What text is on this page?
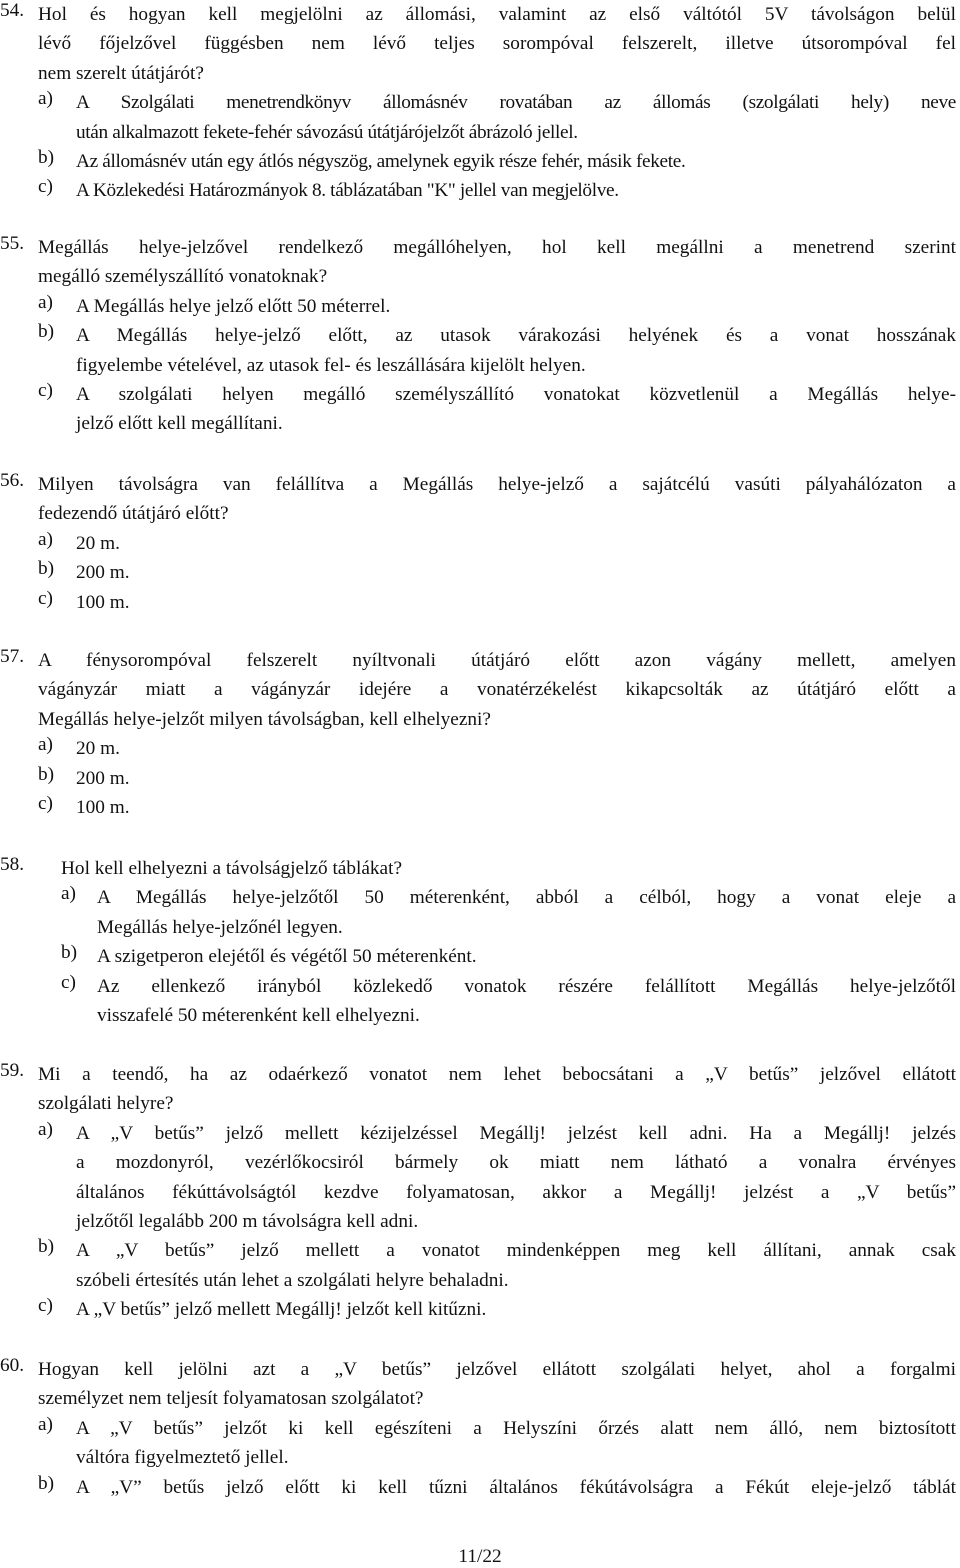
54. Hol és hogyan kell megjelölni az állomási, valamint az első váltótól 5V távolságon belül
lévő főjelzővel függésben nem lévő teljes sorompóval felszerelt, illetve útsorompóval fel
nem szerelt útátjárót?
a) A Szolgálati menetrendkönyv állomásnév rovatában az állomás (szolgálati hely) neve
után alkalmazott fekete-fehér sávozású útátjárójelzőt ábrázoló jellel.
b) Az állomásnév után egy átlós négyszög, amelynek egyik része fehér, másik fekete.
c) A Közlekedési Határozmányok 8. táblázatában "K" jellel van megjelölve.
55. Megállás helye-jelzővel rendelkező megállóhelyen, hol kell megállni a menetrend szerint
megálló személyszállító vonatoknak?
a) A Megállás helye jelző előtt 50 méterrel.
b) A Megállás helye-jelző előtt, az utasok várakozási helyének és a vonat hosszának
figyelembe vételével, az utasok fel- és leszállására kijelölt helyen.
c) A szolgálati helyen megálló személyszállító vonatokat közvetlenül a Megállás helye-
jelző előtt kell megállítani.
56. Milyen távolságra van felállítva a Megállás helye-jelző a sajátcélú vasúti pályahálózaton a
fedezendő útátjáró előtt?
a) 20 m.
b) 200 m.
c) 100 m.
57. A fénysorompóval felszerelt nyíltvonali útátjáró előtt azon vágány mellett, amelyen
vágányzár miatt a vágányzár idejére a vonatérzékelést kikapcsolták az útátjáró előtt a
Megállás helye-jelzőt milyen távolságban, kell elhelyezni?
a) 20 m.
b) 200 m.
c) 100 m.
58. Hol kell elhelyezni a távolságjelző táblákat?
a) A Megállás helye-jelzőtől 50 méterenként, abból a célból, hogy a vonat eleje a
Megállás helye-jelzőnél legyen.
b) A szigetperon elejétől és végétől 50 méterenként.
c) Az ellenkező irányból közlekedő vonatok részére felállított Megállás helye-jelzőtől
visszafelé 50 méterenként kell elhelyezni.
59. Mi a teendő, ha az odaérkező vonatot nem lehet bebocsátani a „V betűs” jelzővel ellátott
szolgálati helyre?
a) A „V betűs” jelző mellett kézijelzéssel Megállj! jelzést kell adni. Ha a Megállj! jelzés
a mozdonyról, vezérlőkocsiról bármely ok miatt nem látható a vonalra érvényes
általános fékúttávolságtól kezdve folyamatosan, akkor a Megállj! jelzést a „V betűs”
jelzőtől legalább 200 m távolságra kell adni.
b) A „V betűs” jelző mellett a vonatot mindenképpen meg kell állítani, annak csak
szóbeli értesítés után lehet a szolgálati helyre behaladni.
c) A „V betűs” jelző mellett Megállj! jelzőt kell kitűzni.
60. Hogyan kell jelölni azt a „V betűs” jelzővel ellátott szolgálati helyet, ahol a forgalmi
személyzet nem teljesít folyamatosan szolgálatot?
a) A „V betűs” jelzőt ki kell egészíteni a Helyszíni őrzés alatt nem álló, nem biztosított
váltóra figyelmeztető jellel.
b) A „V” betűs jelző előtt ki kell tűzni általános fékútávolságra a Fékút eleje-jelző táblát
11/22
